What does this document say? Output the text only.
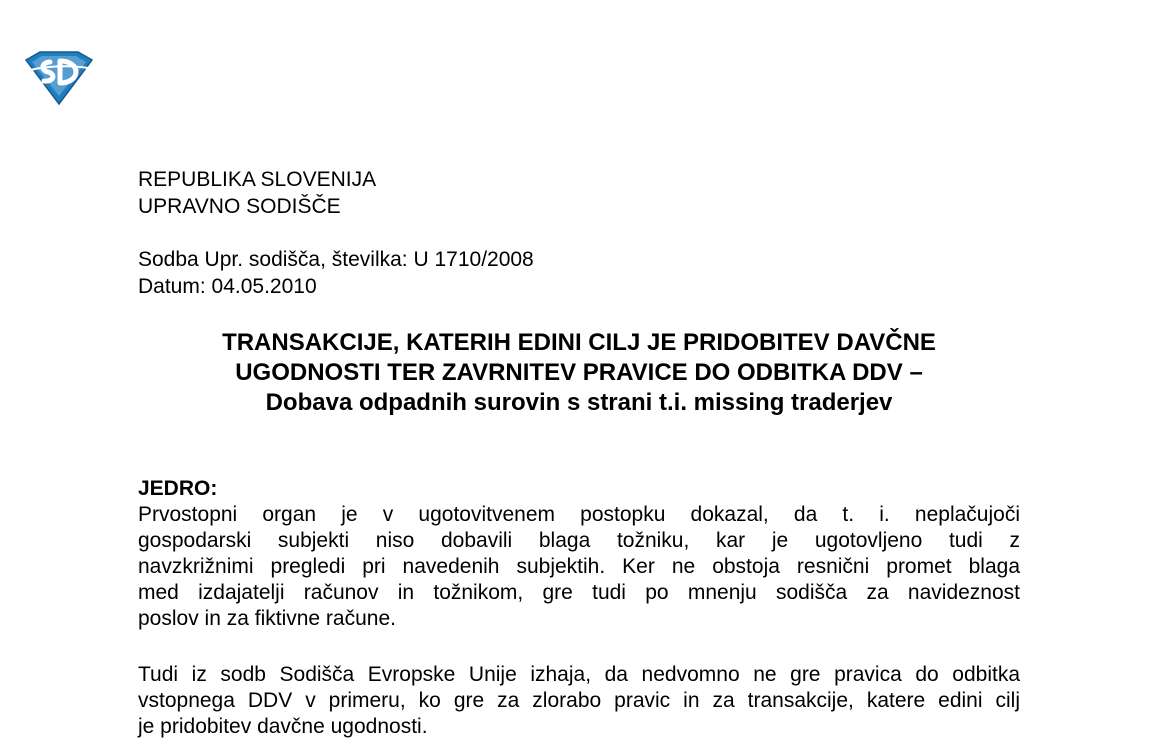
REPUBLIKA SLOVENIJA
UPRAVNO SODIŠČE
Sodba Upr. sodišča, številka: U 1710/2008
Datum: 04.05.2010
TRANSAKCIJE, KATERIH EDINI CILJ JE PRIDOBITEV DAVČNE
UGODNOSTI TER ZAVRNITEV PRAVICE DO ODBITKA DDV –
Dobava odpadnih surovin s strani t.i. missing traderjev
JEDRO:
Prvostopni organ je v ugotovitvenem postopku dokazal, da t. i. neplačujoči
gospodarski subjekti niso dobavili blaga tožniku, kar je ugotovljeno tudi z
navzkrižnimi pregledi pri navedenih subjektih. Ker ne obstoja resnični promet blaga
med izdajatelji računov in tožnikom, gre tudi po mnenju sodišča za navideznost
poslov in za fiktivne račune.
Tudi iz sodb Sodišča Evropske Unije izhaja, da nedvomno ne gre pravica do odbitka
vstopnega DDV v primeru, ko gre za zlorabo pravic in za transakcije, katere edini cilj
je pridobitev davčne ugodnosti.
